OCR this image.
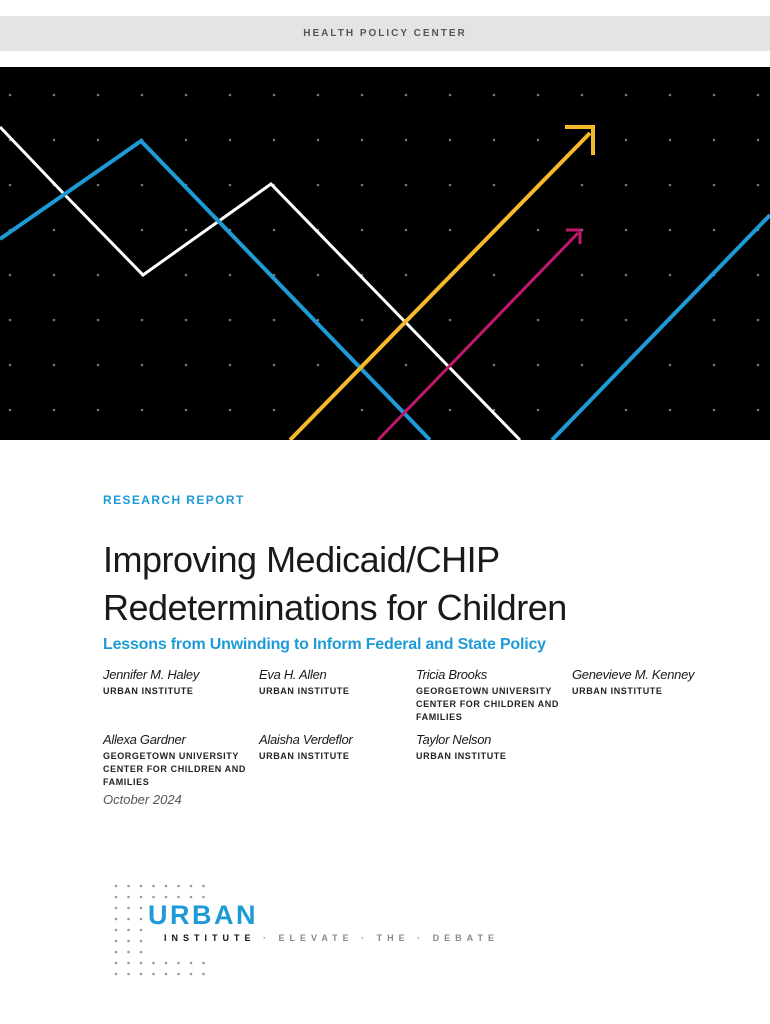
HEALTH POLICY CENTER
RESEARCH REPORT
Improving Medicaid/CHIP
Redeterminations for Children
Lessons from Unwinding to Inform Federal and State Policy
Jennifer M. Haley
URBAN INSTITUTE
Eva H. Allen
URBAN INSTITUTE
Tricia Brooks
GEORGETOWN UNIVERSITY CENTER FOR CHILDREN AND FAMILIES
Genevieve M. Kenney
URBAN INSTITUTE
Allexa Gardner
GEORGETOWN UNIVERSITY CENTER FOR CHILDREN AND FAMILIES
Alaisha Verdeflor
URBAN INSTITUTE
Taylor Nelson
URBAN INSTITUTE
October 2024
URBAN
INSTITUTE · ELEVATE · THE · DEBATE
